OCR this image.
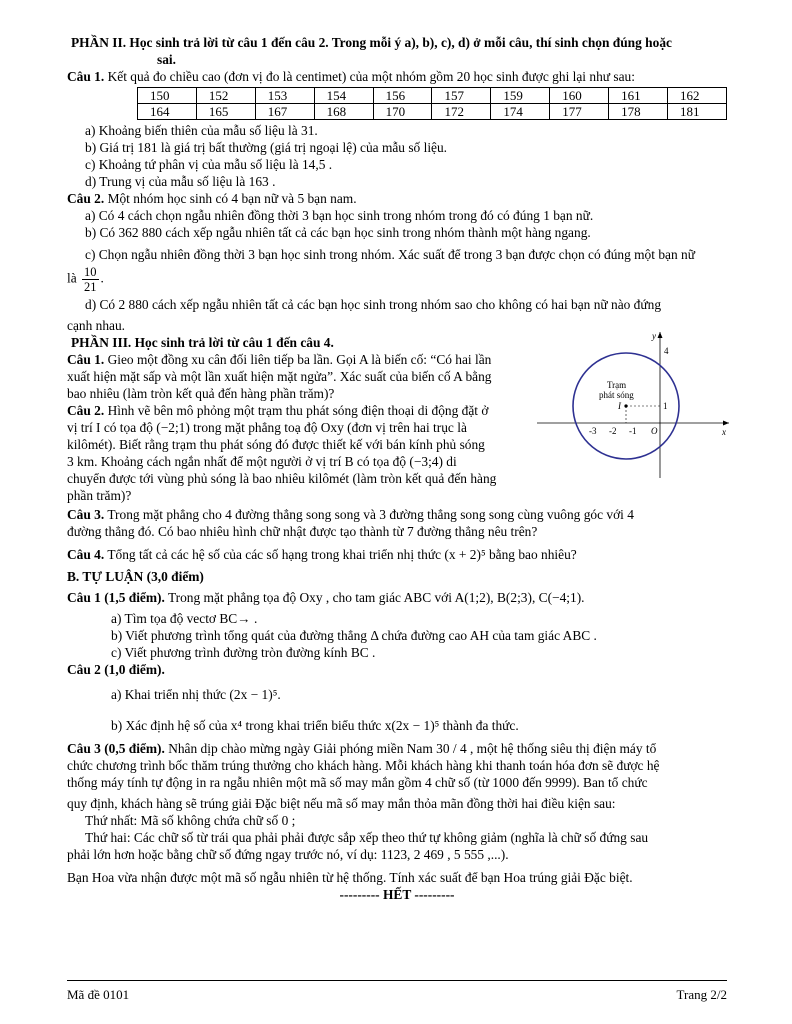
PHẦN II. Học sinh trả lời từ câu 1 đến câu 2. Trong mỗi ý a), b), c), d) ở mỗi câu, thí sinh chọn đúng hoặc
sai.

Câu 1. Kết quả đo chiều cao (đơn vị đo là centimet) của một nhóm gồm 20 học sinh được ghi lại như sau:

150	152	153	154	156	157	159	160	161	162
164	165	167	168	170	172	174	177	178	181

a) Khoảng biến thiên của mẫu số liệu là 31.

b) Giá trị 181 là giá trị bất thường (giá trị ngoại lệ) của mẫu số liệu.

c) Khoảng tứ phân vị của mẫu số liệu là 14,5 .

d) Trung vị của mẫu số liệu là 163 .

Câu 2. Một nhóm học sinh có 4 bạn nữ và 5 bạn nam.

a) Có 4 cách chọn ngẫu nhiên đồng thời 3 bạn học sinh trong nhóm trong đó có đúng 1 bạn nữ.

b) Có 362 880 cách xếp ngẫu nhiên tất cả các bạn học sinh trong nhóm thành một hàng ngang.

c) Chọn ngẫu nhiên đồng thời 3 bạn học sinh trong nhóm. Xác suất để trong 3 bạn được chọn có đúng một bạn nữ

là $\frac{10}{21}$ .

d) Có 2 880 cách xếp ngẫu nhiên tất cả các bạn học sinh trong nhóm sao cho không có hai bạn nữ nào đứng

cạnh nhau.

PHẦN III. Học sinh trả lời từ câu 1 đến câu 4.

Câu 1. Gieo một đồng xu cân đối liên tiếp ba lần. Gọi A là biến cố: “Có hai lần

xuất hiện mặt sấp và một lần xuất hiện mặt ngửa”. Xác suất của biến cố A bằng

bao nhiêu (làm tròn kết quả đến hàng phần trăm)?

Câu 2. Hình vẽ bên mô phỏng một trạm thu phát sóng điện thoại di động đặt ở

vị trí I có tọa độ (−2;1) trong mặt phẳng toạ độ Oxy (đơn vị trên hai trục là

kilômét). Biết rằng trạm thu phát sóng đó được thiết kế với bán kính phủ sóng

3 km. Khoảng cách ngắn nhất để một người ở vị trí B có tọa độ (−3;4) di

chuyển được tới vùng phủ sóng là bao nhiêu kilômét (làm tròn kết quả đến hàng

phần trăm)?

Trạm
phát sóng
I
y
x
O
4
1
-3 -2 -1

Câu 3. Trong mặt phẳng cho 4 đường thẳng song song và 3 đường thẳng song song cùng vuông góc với 4

đường thẳng đó. Có bao nhiêu hình chữ nhật được tạo thành từ 7 đường thẳng nêu trên?

Câu 4. Tổng tất cả các hệ số của các số hạng trong khai triển nhị thức (x + 2)⁵ bằng bao nhiêu?

B. TỰ LUẬN (3,0 điểm)

Câu 1 (1,5 điểm). Trong mặt phẳng tọa độ Oxy , cho tam giác ABC với A(1;2), B(2;3), C(−4;1).

a) Tìm tọa độ vectơ BC→ .

b) Viết phương trình tổng quát của đường thẳng Δ chứa đường cao AH của tam giác ABC .

c) Viết phương trình đường tròn đường kính BC .

Câu 2 (1,0 điểm).

a) Khai triển nhị thức (2x − 1)⁵.

b) Xác định hệ số của x⁴ trong khai triển biểu thức x(2x − 1)⁵ thành đa thức.

Câu 3 (0,5 điểm). Nhân dịp chào mừng ngày Giải phóng miền Nam 30 / 4 , một hệ thống siêu thị điện máy tổ

chức chương trình bốc thăm trúng thưởng cho khách hàng. Mỗi khách hàng khi thanh toán hóa đơn sẽ được hệ

thống máy tính tự động in ra ngẫu nhiên một mã số may mắn gồm 4 chữ số (từ 1000 đến 9999). Ban tổ chức

quy định, khách hàng sẽ trúng giải Đặc biệt nếu mã số may mắn thỏa mãn đồng thời hai điều kiện sau:

Thứ nhất: Mã số không chứa chữ số 0 ;

Thứ hai: Các chữ số từ trái qua phải phải được sắp xếp theo thứ tự không giảm (nghĩa là chữ số đứng sau

phải lớn hơn hoặc bằng chữ số đứng ngay trước nó, ví dụ: 1123, 2 469 , 5 555 ,...).

Bạn Hoa vừa nhận được một mã số ngẫu nhiên từ hệ thống. Tính xác suất để bạn Hoa trúng giải Đặc biệt.

--------- HẾT ---------

Mã đề 0101	Trang 2/2
